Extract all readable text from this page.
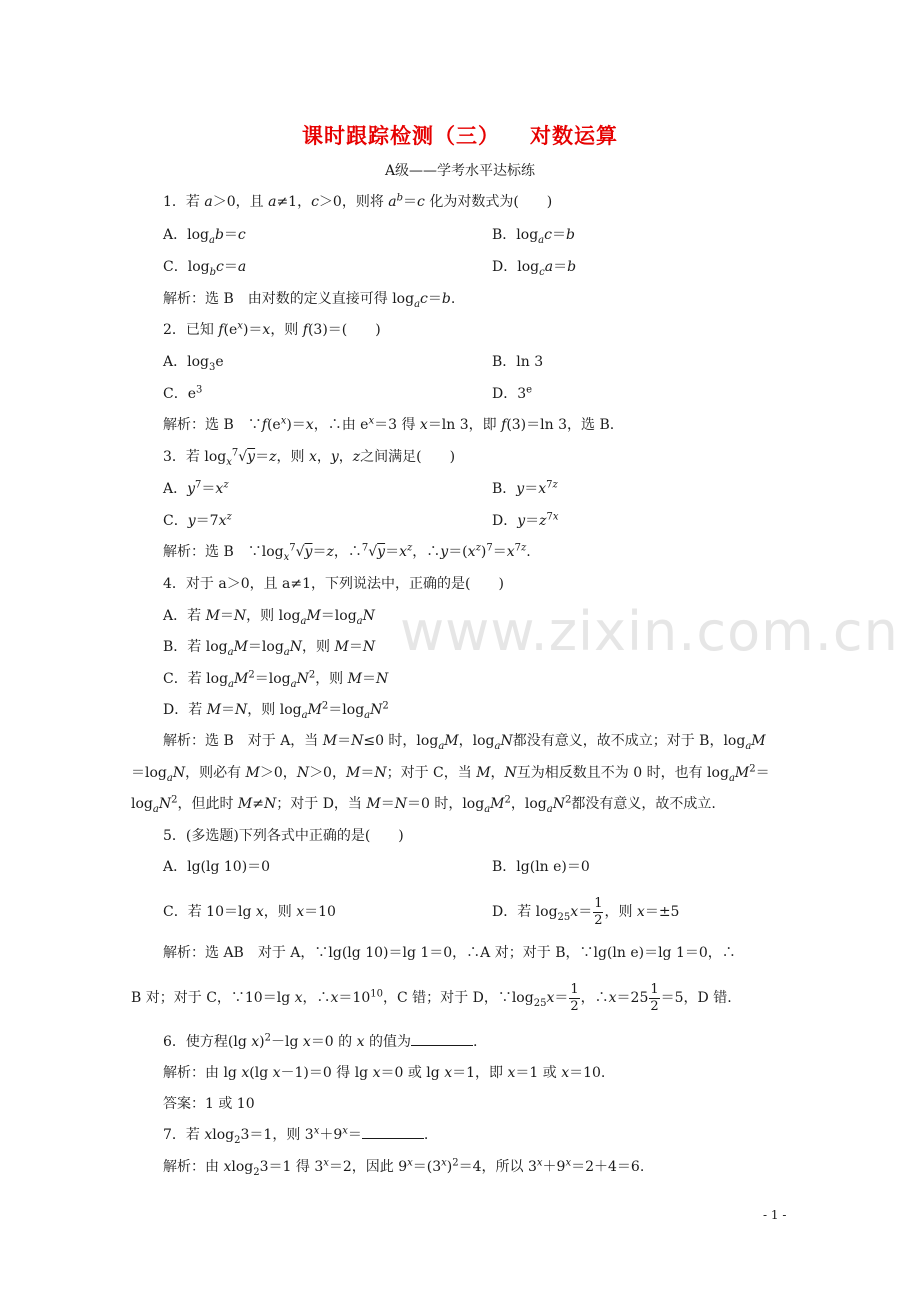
www.zixin.com.cn
课时跟踪检测（三） 对数运算
A级——学考水平达标练
1．若 a＞0，且 a≠1，c＞0，则将 $a^b=c$ 化为对数式为(　　)
A．$\log_ab=c$	B．$\log_ac=b$
C．$\log_bc=a$	D．$\log_ca=b$
解析：选 B　由对数的定义直接可得 $\log_ac=b$.
2．已知 $f(e^x)=x$，则 f(3)＝(　　)
A．$\log_3e$	B．ln 3
C．$e^3$	D．3e
解析：选 B　$\because f(e^x)=x$，∴由 $e^x=3$ 得 x＝ln 3，即 f(3)＝ln 3，选 B.
3．若 $\log_x^7√y=z$，则 x，y，z之间满足(　　)
A．$y^7=x^z$	B．$y=x^{7z}$
C．$y=7x^z$	D．$y=z^{7x}$
解析：选 B　$\because\log_x^7√y=z$，$\therefore^7√y=x^z$，$\therefore y=(x^z)^7=x^{7z}$.
4．对于 a＞0，且 a≠1，下列说法中，正确的是(　　)
A．若 M＝N，则 $\log_aM=\log_aN$
B．若 $\log_aM=\log_aN$，则 M＝N
C．若 $\log_aM^2=\log_aN^2$，则 M＝N
D．若 M＝N，则 $\log_aM^2=\log_aN^2$
解析：选 B　对于 A，当 M＝N≤0 时，$\log_aM$，$\log_aN$都没有意义，故不成立；对于 B，$\log_aM$
$=\log_aN$，则必有 M＞0，N＞0，M＝N；对于 C，当 M，N互为相反数且不为 0 时，也有 $\log_aM^2=$
$\log_aN^2$，但此时 M≠N；对于 D，当 M＝N＝0 时，$\log_aM^2$，$\log_aN^2$都没有意义，故不成立.
5．(多选题)下列各式中正确的是(　　)
A．lg(lg 10)＝0	B．lg(ln e)＝0
C．若 10＝lg x，则 x＝10	D．若 $\log_{25}x= \frac{1}{2}$ ，则 x＝±5
解析：选 AB　对于 A，∵lg(lg 10)＝lg 1＝0，∴A 对；对于 B，∵lg(ln e)＝lg 1＝0，∴
B 对；对于 C，∵10＝lg x，$\therefore x=10^{10}$，C 错；对于 D，$\because\log_{25}x= \frac{1}{2}$ ，∴x＝25 $\frac{1}{2} =5$，D 错.
6．使方程(lg x)$^2$－lg x＝0 的 x 的值为	.
解析：由 lg x(lg x－1)＝0 得 lg x＝0 或 lg x＝1，即 x＝1 或 x＝10.
答案：1 或 10
7．若 xlog$_2$3＝1，则 $3^x+9^x=$	.
解析：由 xlog$_2$3＝1 得 $3^x=2$，因此 $9^x=(3^x)^2=4$，所以 $3^x+9^x=2+4=6$.
- 1 -
